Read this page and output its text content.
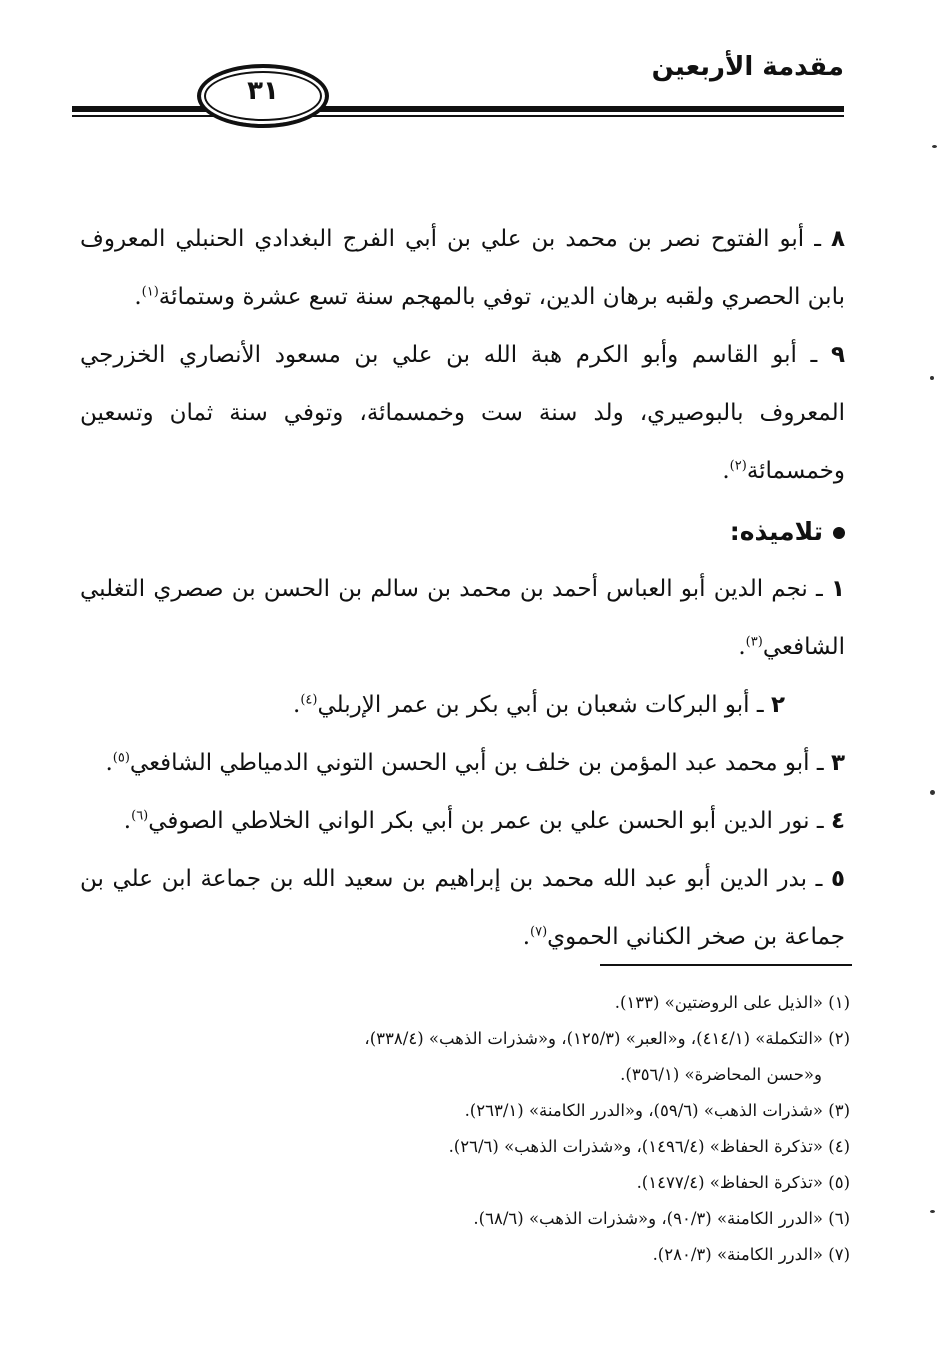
مقدمة الأربعين
٣١

٨ ـ أبو الفتوح نصر بن محمد بن علي بن أبي الفرج البغدادي الحنبلي المعروف بابن الحصري ولقبه برهان الدين، توفي بالمهجم سنة تسع عشرة وستمائة$^{(١)}$.

٩ ـ أبو القاسم وأبو الكرم هبة الله بن علي بن مسعود الأنصاري الخزرجي المعروف بالبوصيري، ولد سنة ست وخمسمائة، وتوفي سنة ثمان وتسعين وخمسمائة$^{(٢)}$.

تلاميذه:

١ ـ نجم الدين أبو العباس أحمد بن محمد بن سالم بن الحسن بن صصري التغلبي الشافعي$^{(٣)}$.

٢ ـ أبو البركات شعبان بن أبي بكر بن عمر الإربلي$^{(٤)}$.

٣ ـ أبو محمد عبد المؤمن بن خلف بن أبي الحسن التوني الدمياطي الشافعي$^{(٥)}$.

٤ ـ نور الدين أبو الحسن علي بن عمر بن أبي بكر الواني الخلاطي الصوفي$^{(٦)}$.

٥ ـ بدر الدين أبو عبد الله محمد بن إبراهيم بن سعيد الله بن جماعة ابن علي بن جماعة بن صخر الكناني الحموي$^{(٧)}$.

(١) «الذيل على الروضتين» (١٣٣).

(٢) «التكملة» (٤١٤/١)، و«العبر» (١٢٥/٣)، و«شذرات الذهب» (٣٣٨/٤)،

و«حسن المحاضرة» (٣٥٦/١).

(٣) «شذرات الذهب» (٥٩/٦)، و«الدرر الكامنة» (٢٦٣/١).

(٤) «تذكرة الحفاظ» (١٤٩٦/٤)، و«شذرات الذهب» (٢٦/٦).

(٥) «تذكرة الحفاظ» (١٤٧٧/٤).

(٦) «الدرر الكامنة» (٩٠/٣)، و«شذرات الذهب» (٦٨/٦).

(٧) «الدرر الكامنة» (٢٨٠/٣).
